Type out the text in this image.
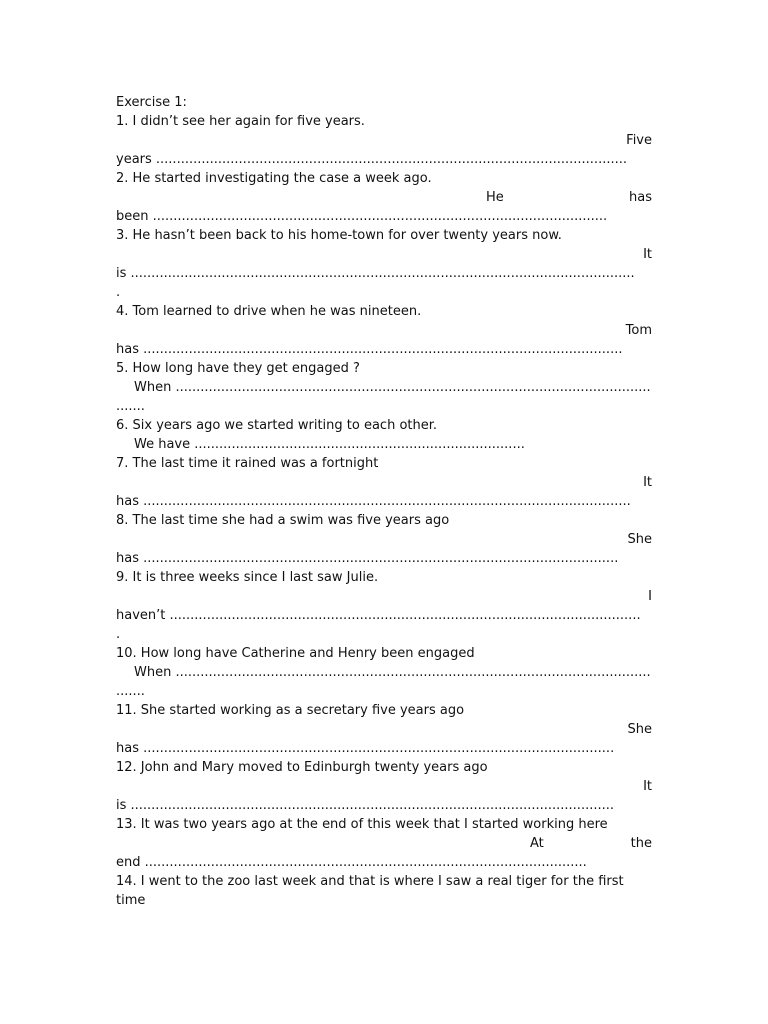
Exercise 1:
1. I didn’t see her again for five years.
Five
years ..................................................................................................................
2. He started investigating the case a week ago.
He	has
been ..............................................................................................................
3. He hasn’t been back to his home-town for over twenty years now.
It
is ..........................................................................................................................
.
4. Tom learned to drive when he was nineteen.
Tom
has ....................................................................................................................
5. How long have they get engaged ?
When ...................................................................................................................
.......
6. Six years ago we started writing to each other.
We have ................................................................................
7. The last time it rained was a fortnight
It
has ......................................................................................................................
8. The last time she had a swim was five years ago
She
has ...................................................................................................................
9. It is three weeks since I last saw Julie.
I
haven’t ..................................................................................................................
.
10. How long have Catherine and Henry been engaged
When ...................................................................................................................
.......
11. She started working as a secretary five years ago
She
has ..................................................................................................................
12. John and Mary moved to Edinburgh twenty years ago
It
is .....................................................................................................................
13. It was two years ago at the end of this week that I started working here
At	the
end ...........................................................................................................
14. I went to the zoo last week and that is where I saw a real tiger for the first
time
